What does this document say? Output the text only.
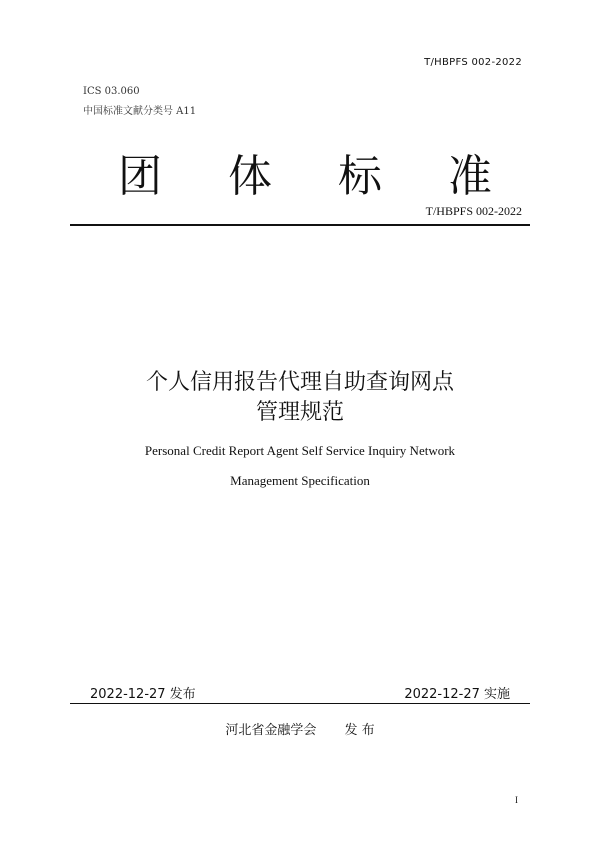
T/HBPFS 002-2022
ICS 03.060
中国标准文献分类号 A11
团 体 标 准
T/HBPFS 002-2022
个人信用报告代理自助查询网点
管理规范
Personal Credit Report Agent Self Service Inquiry Network
Management Specification
2022-12-27 发布	2022-12-27 实施
河北省金融学会 发 布
I
